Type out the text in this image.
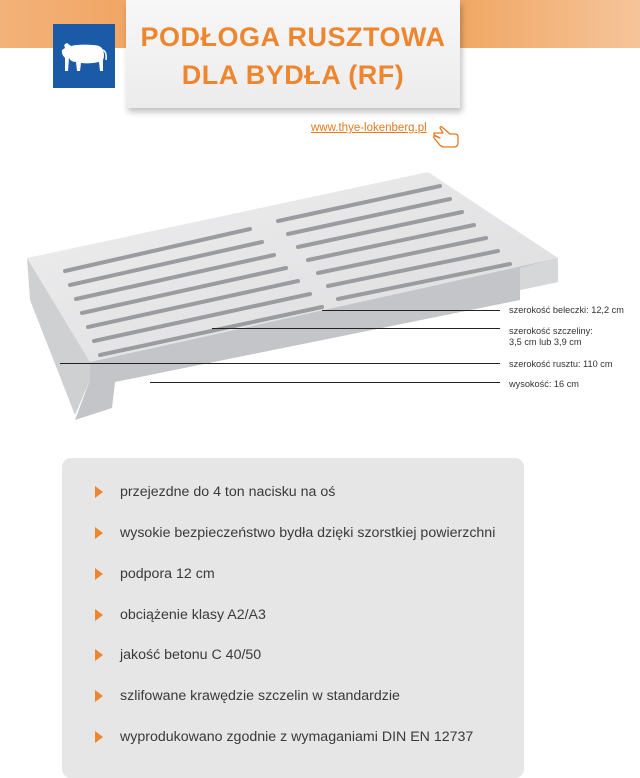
PODŁOGA RUSZTOWA
DLA BYDŁA (RF)
www.thye-lokenberg.pl
szerokość beleczki: 12,2 cm
szerokość szczeliny:
3,5 cm lub 3,9 cm
szerokość rusztu: 110 cm
wysokość: 16 cm
przejezdne do 4 ton nacisku na oś
wysokie bezpieczeństwo bydła dzięki szorstkiej powierzchni
podpora 12 cm
obciążenie klasy A2/A3
jakość betonu C 40/50
szlifowane krawędzie szczelin w standardzie
wyprodukowano zgodnie z wymaganiami DIN EN 12737
